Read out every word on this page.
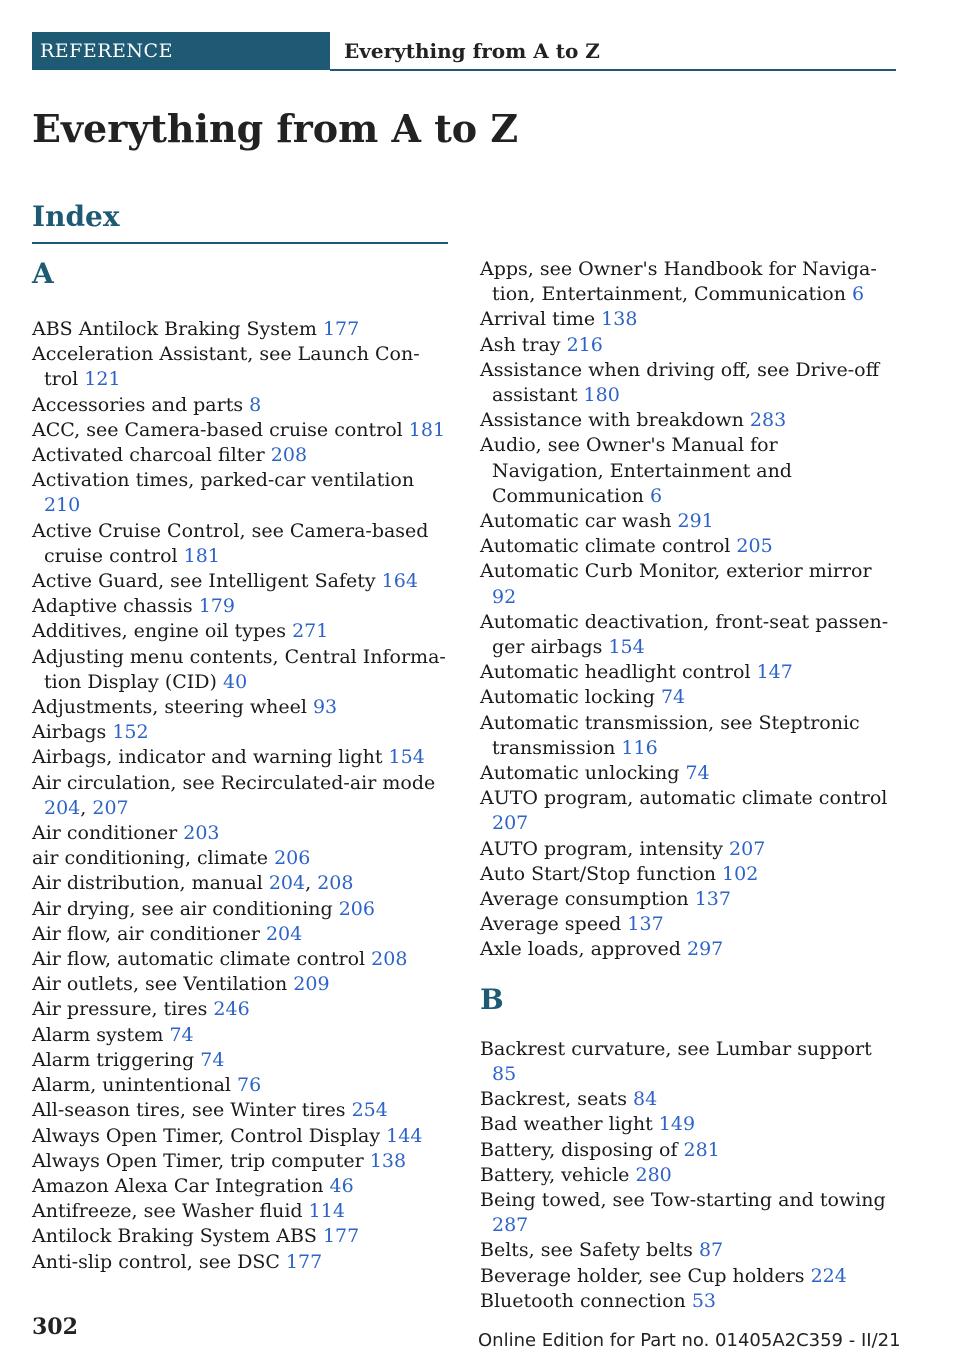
REFERENCE	Everything from A to Z
Everything from A to Z
Index
A
ABS Antilock Braking System 177
Acceleration Assistant, see Launch Control 121
Accessories and parts 8
ACC, see Camera-based cruise control 181
Activated charcoal filter 208
Activation times, parked-car ventilation 210
Active Cruise Control, see Camera-based cruise control 181
Active Guard, see Intelligent Safety 164
Adaptive chassis 179
Additives, engine oil types 271
Adjusting menu contents, Central Information Display (CID) 40
Adjustments, steering wheel 93
Airbags 152
Airbags, indicator and warning light 154
Air circulation, see Recirculated-air mode 204, 207
Air conditioner 203
air conditioning, climate 206
Air distribution, manual 204, 208
Air drying, see air conditioning 206
Air flow, air conditioner 204
Air flow, automatic climate control 208
Air outlets, see Ventilation 209
Air pressure, tires 246
Alarm system 74
Alarm triggering 74
Alarm, unintentional 76
All-season tires, see Winter tires 254
Always Open Timer, Control Display 144
Always Open Timer, trip computer 138
Amazon Alexa Car Integration 46
Antifreeze, see Washer fluid 114
Antilock Braking System ABS 177
Anti-slip control, see DSC 177
Apps, see Owner's Handbook for Navigation, Entertainment, Communication 6
Arrival time 138
Ash tray 216
Assistance when driving off, see Drive-off assistant 180
Assistance with breakdown 283
Audio, see Owner's Manual for Navigation, Entertainment and Communication 6
Automatic car wash 291
Automatic climate control 205
Automatic Curb Monitor, exterior mirror 92
Automatic deactivation, front-seat passenger airbags 154
Automatic headlight control 147
Automatic locking 74
Automatic transmission, see Steptronic transmission 116
Automatic unlocking 74
AUTO program, automatic climate control 207
AUTO program, intensity 207
Auto Start/Stop function 102
Average consumption 137
Average speed 137
Axle loads, approved 297
B
Backrest curvature, see Lumbar support 85
Backrest, seats 84
Bad weather light 149
Battery, disposing of 281
Battery, vehicle 280
Being towed, see Tow-starting and towing 287
Belts, see Safety belts 87
Beverage holder, see Cup holders 224
Bluetooth connection 53
302
Online Edition for Part no. 01405A2C359 - II/21
